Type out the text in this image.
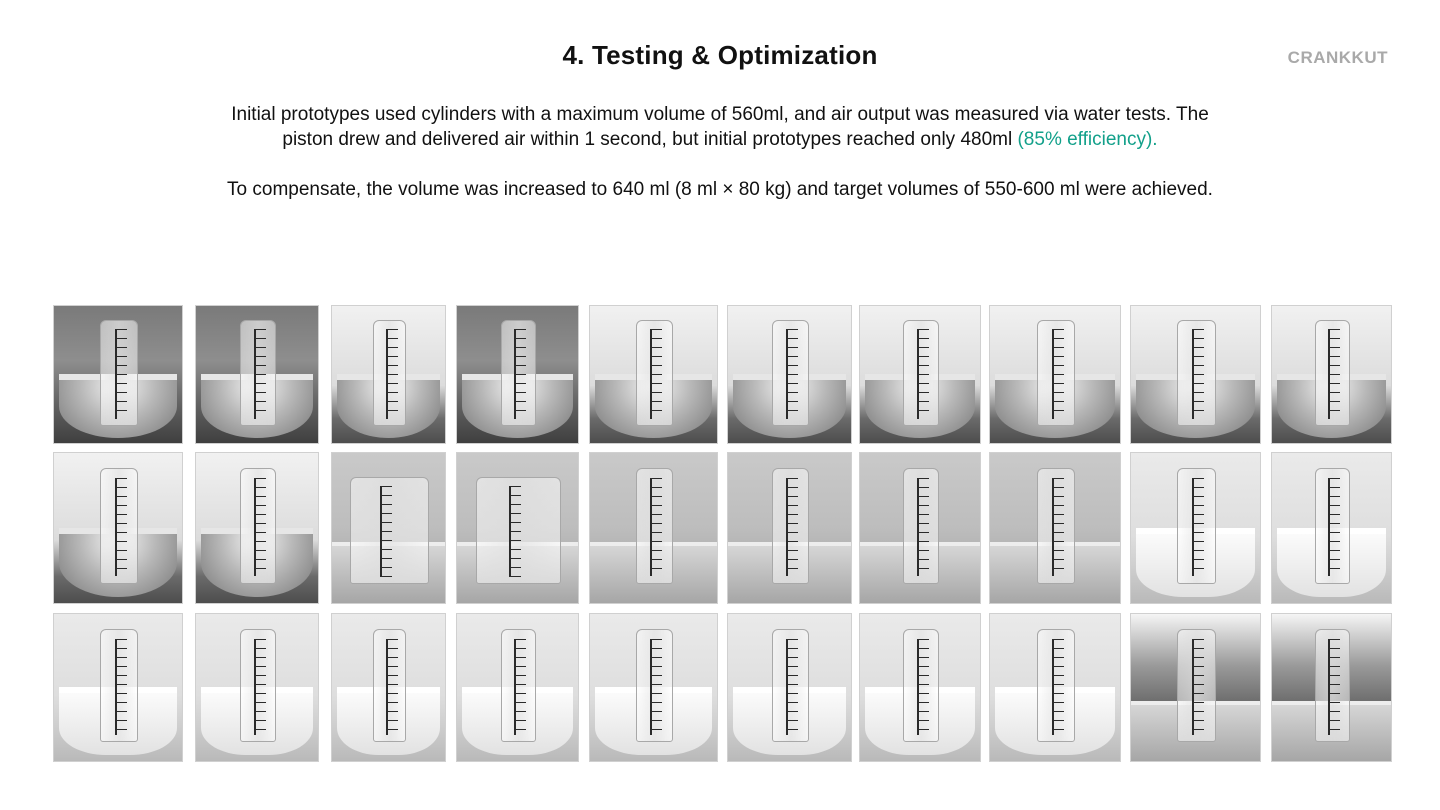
4. Testing & Optimization	CRANKKUT
Initial prototypes used cylinders with a maximum volume of 560ml, and air output was measured via water tests. The piston drew and delivered air within 1 second, but initial prototypes reached only 480ml (85% efficiency).
To compensate, the volume was increased to 640 ml (8 ml × 80 kg) and target volumes of 550-600 ml were achieved.
